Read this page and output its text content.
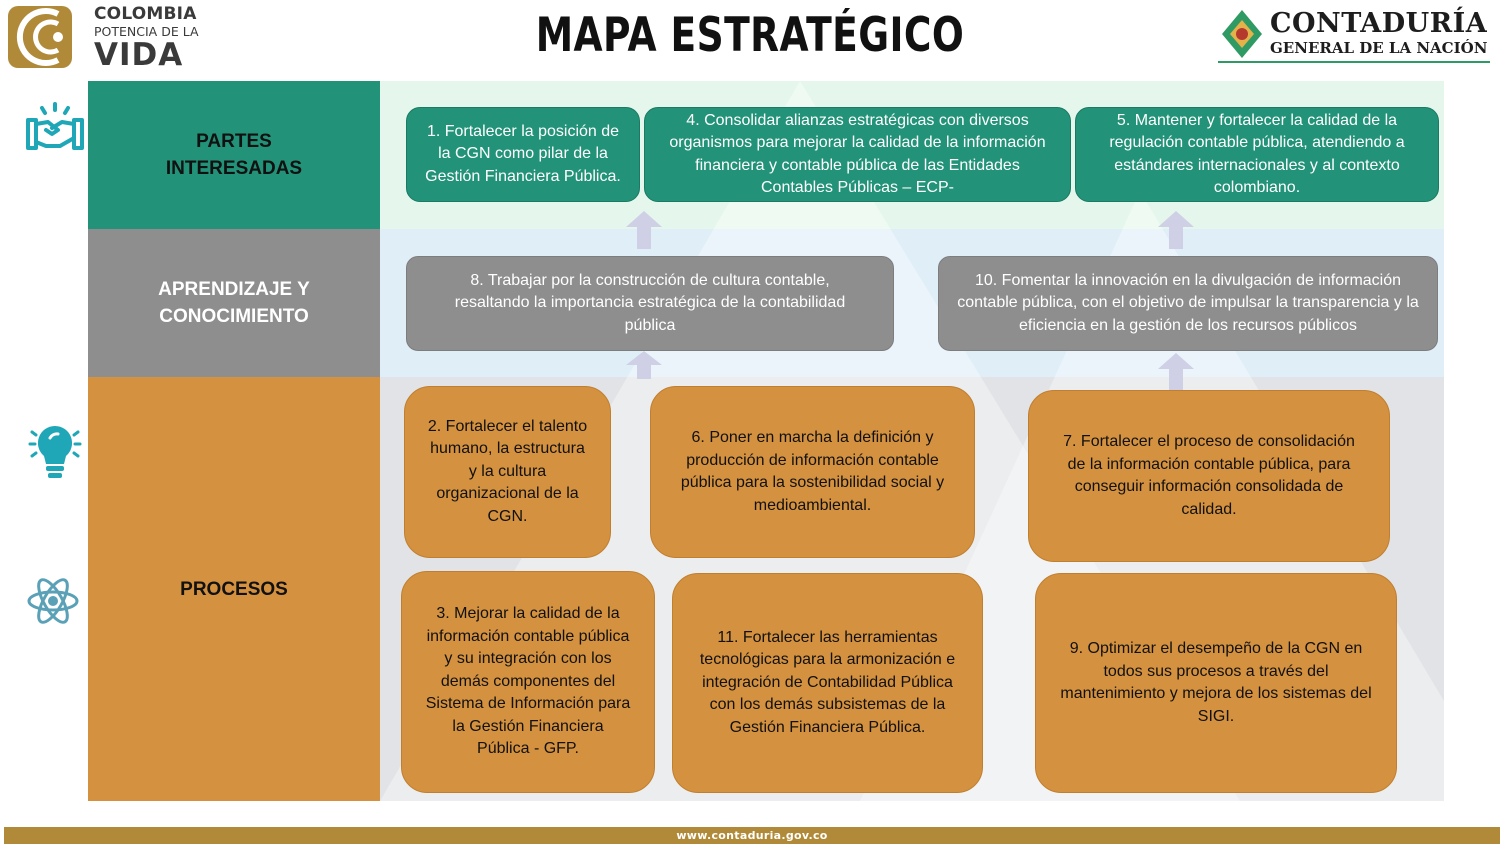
COLOMBIA
POTENCIA DE LA
VIDA	MAPA ESTRATÉGICO	CONTADURÍA
GENERAL DE LA NACIÓN
PARTES
INTERESADAS
APRENDIZAJE Y
CONOCIMIENTO
PROCESOS
1. Fortalecer la posición de la CGN como pilar de la Gestión Financiera Pública.
4. Consolidar alianzas estratégicas con diversos organismos para mejorar la calidad de la información financiera y contable pública de las Entidades Contables Públicas – ECP-
5. Mantener y fortalecer la calidad de la regulación contable pública, atendiendo a estándares internacionales y al contexto colombiano.
8. Trabajar por la construcción de cultura contable, resaltando la importancia estratégica de la contabilidad pública
10. Fomentar la innovación en la divulgación de información contable pública, con el objetivo de impulsar la transparencia y la eficiencia en la gestión de los recursos públicos
2. Fortalecer el talento humano, la estructura y la cultura organizacional de la CGN.
6. Poner en marcha la definición y producción de información contable pública para la sostenibilidad social y medioambiental.
7. Fortalecer el proceso de consolidación de la información contable pública, para conseguir información consolidada de calidad.
3. Mejorar la calidad de la información contable pública y su integración con los demás componentes del Sistema de Información para la Gestión Financiera Pública - GFP.
11. Fortalecer las herramientas tecnológicas para la armonización e integración de Contabilidad Pública con los demás subsistemas de la Gestión Financiera Pública.
9. Optimizar el desempeño de la CGN en todos sus procesos a través del mantenimiento y mejora de los sistemas del SIGI.
www.contaduria.gov.co
